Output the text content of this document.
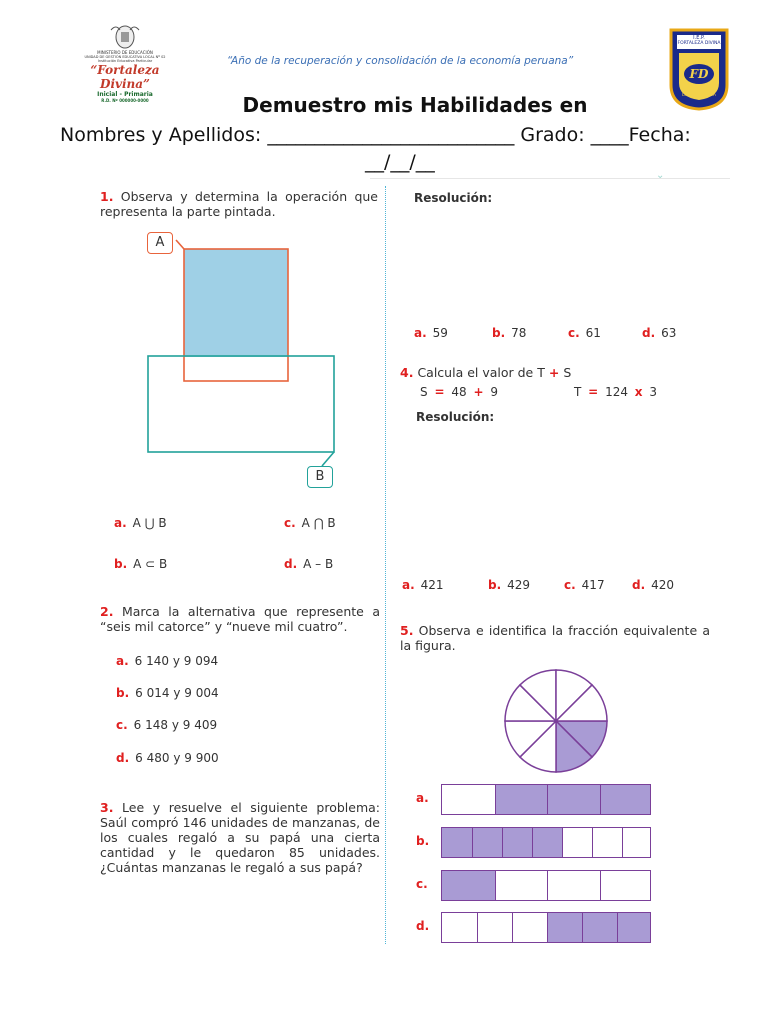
MINISTERIO DE EDUCACIÓN
UNIDAD DE GESTIÓN EDUCATIVA LOCAL Nº 02
Institución Educativa Particular
“Fortaleza Divina”
Inicial - Primaria
R.D. Nº 000000-0000
“Año de la recuperación y consolidación de la economía peruana”
I.E.P.
FORTALEZA DIVINA
FD
LA ESPERANZA
Demuestro mis Habilidades en
Nombres y Apellidos: __________________________ Grado: ____Fecha:
__/__/__
⌄
1. Observa y determina la operación que representa la parte pintada.
A
B
a. A ⋃ B	c. A ⋂ B
b. A ⊂ B	d. A – B
2. Marca la alternativa que represente a “seis mil catorce” y “nueve mil cuatro”.
a. 6 140 y 9 094
b. 6 014 y 9 004
c. 6 148 y 9 409
d. 6 480 y 9 900
3. Lee y resuelve el siguiente problema: Saúl compró 146 unidades de manzanas, de los cuales regaló a su papá una cierta cantidad y le quedaron 85 unidades. ¿Cuántas manzanas le regaló a sus papá?
Resolución:
a. 59	b. 78	c. 61	d. 63
4. Calcula el valor de T + S
S = 48 + 9	T = 124 x 3
Resolución:
a. 421	b. 429	c. 417 d. 420
5. Observa e identifica la fracción equivalente a la figura.
a.
b.
c.
d.
